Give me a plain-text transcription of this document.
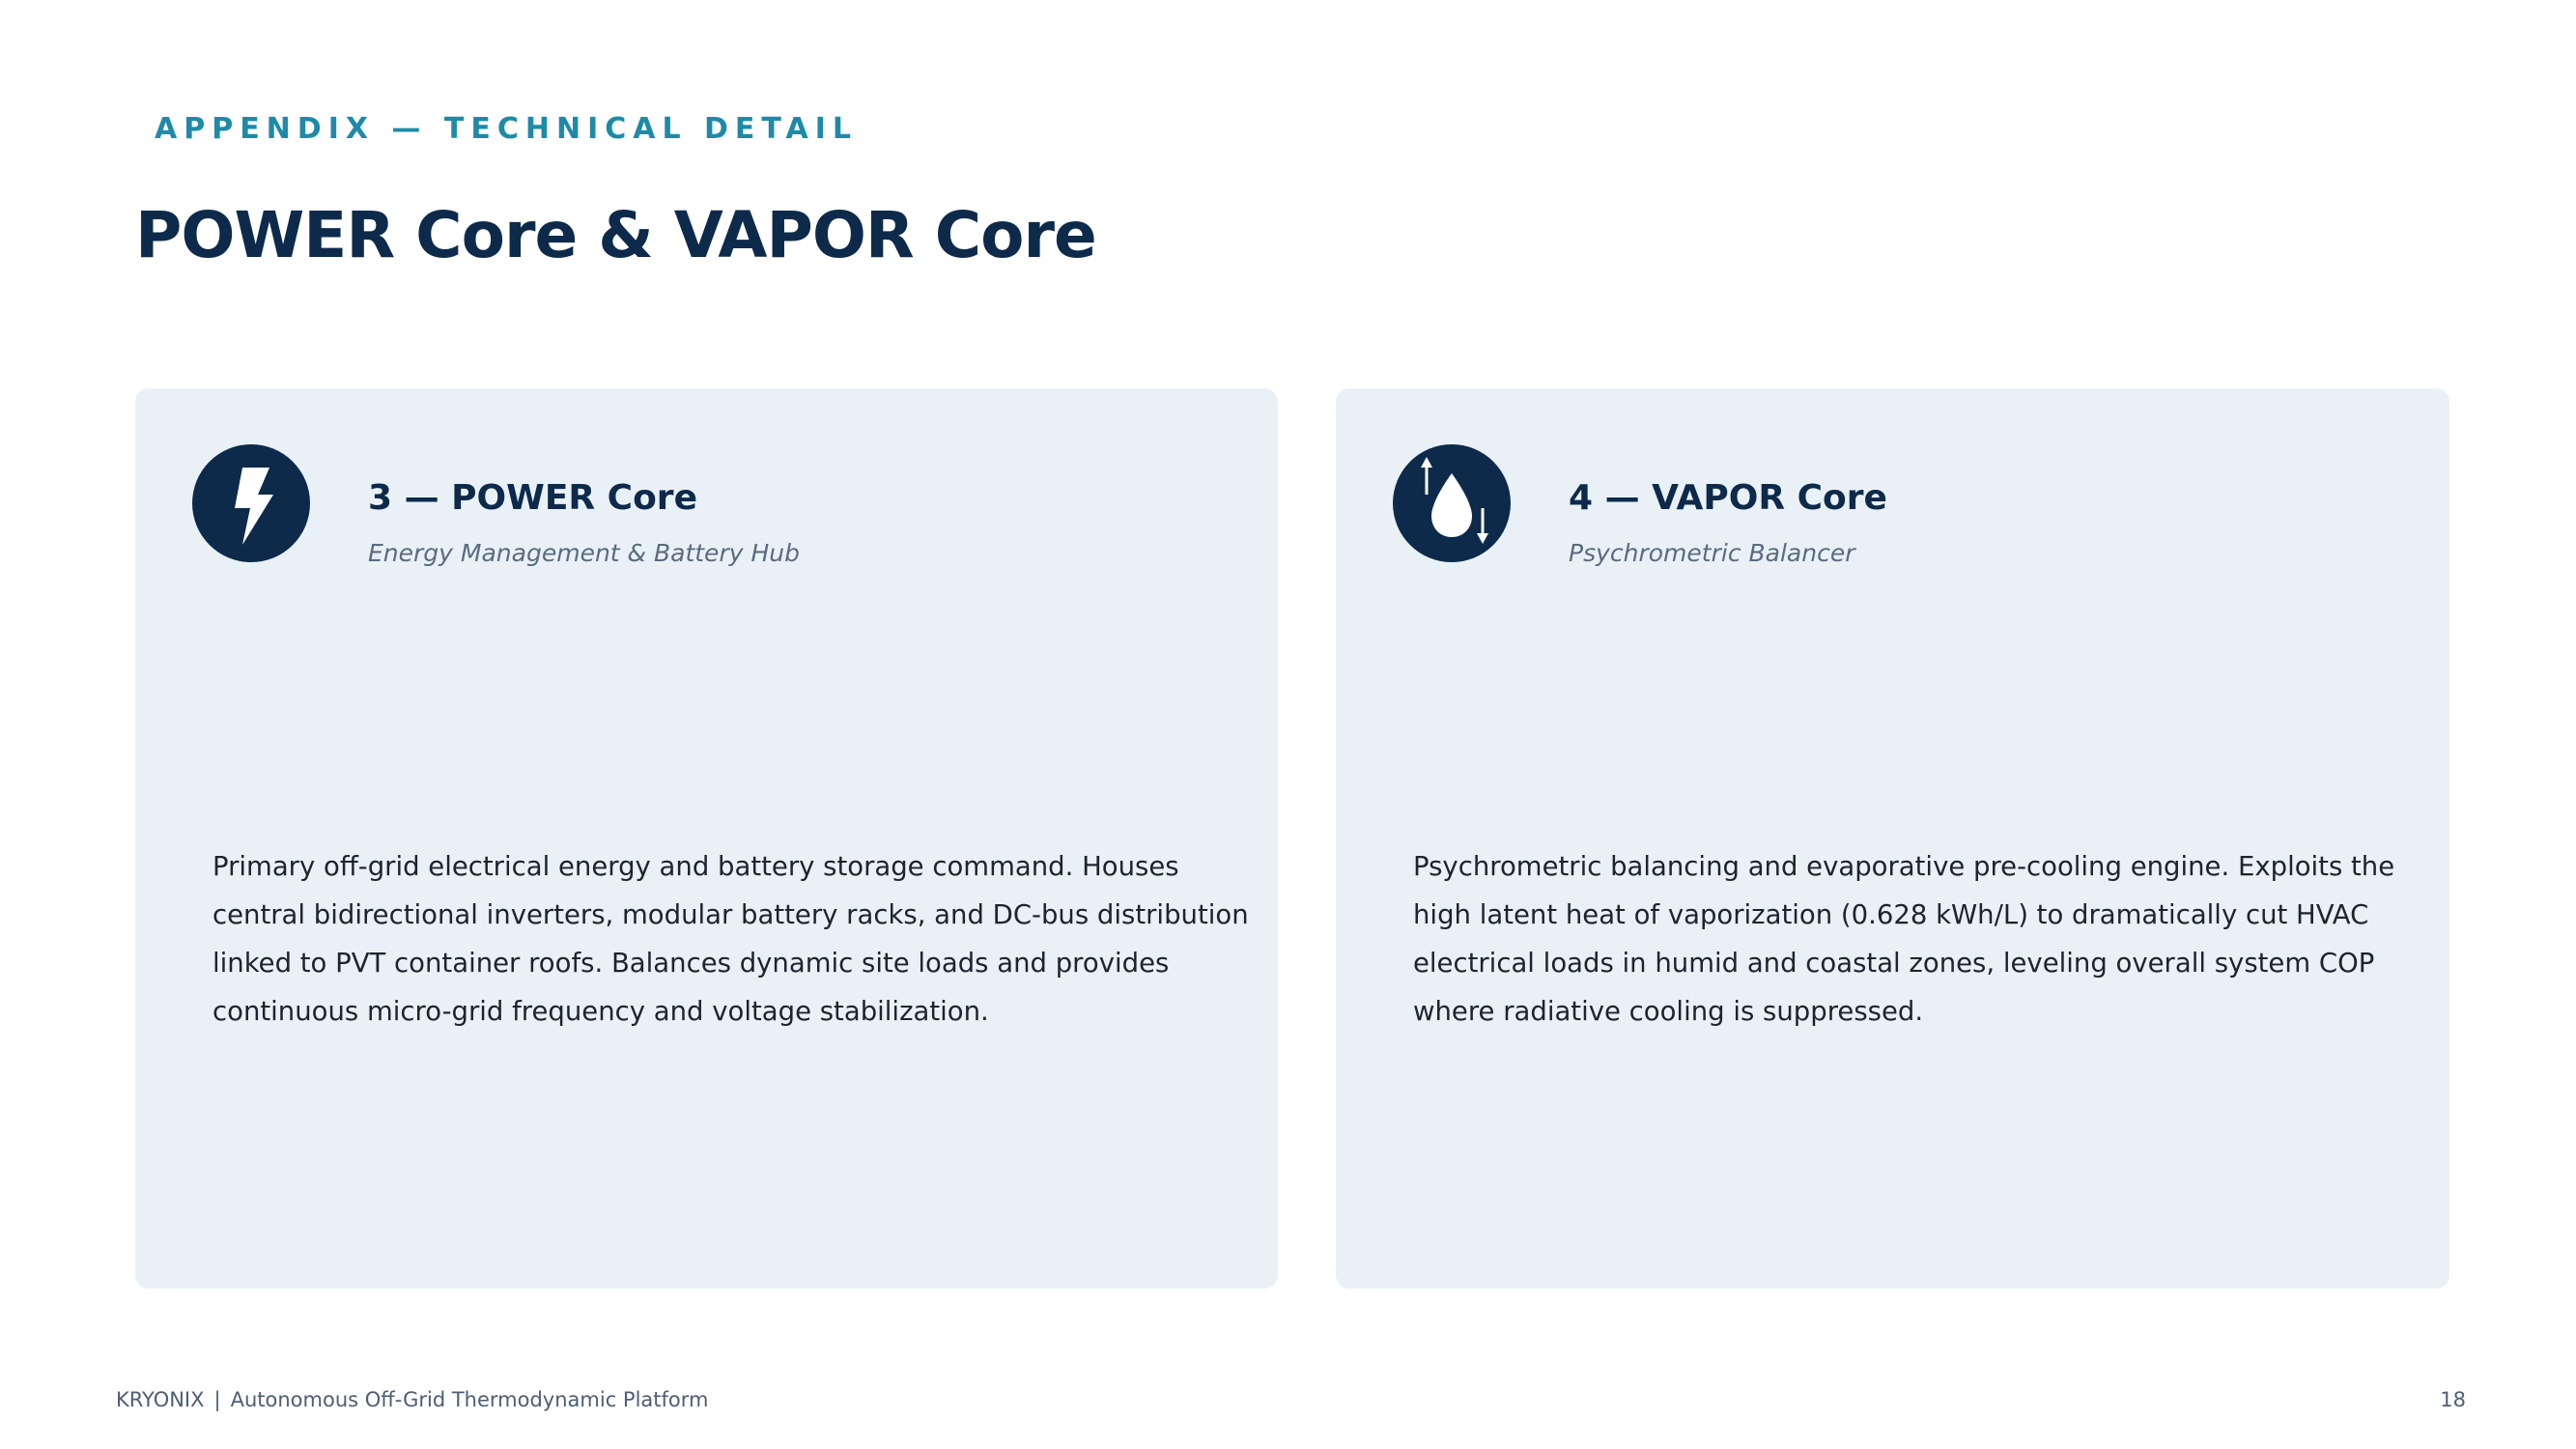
APPENDIX — TECHNICAL DETAIL
POWER Core & VAPOR Core
3 — POWER Core
Energy Management & Battery Hub
Primary off-grid electrical energy and battery storage command. Houses
central bidirectional inverters, modular battery racks, and DC-bus distribution
linked to PVT container roofs. Balances dynamic site loads and provides
continuous micro-grid frequency and voltage stabilization.
4 — VAPOR Core
Psychrometric Balancer
Psychrometric balancing and evaporative pre-cooling engine. Exploits the
high latent heat of vaporization (0.628 kWh/L) to dramatically cut HVAC
electrical loads in humid and coastal zones, leveling overall system COP
where radiative cooling is suppressed.
KRYONIX | Autonomous Off-Grid Thermodynamic Platform	18
